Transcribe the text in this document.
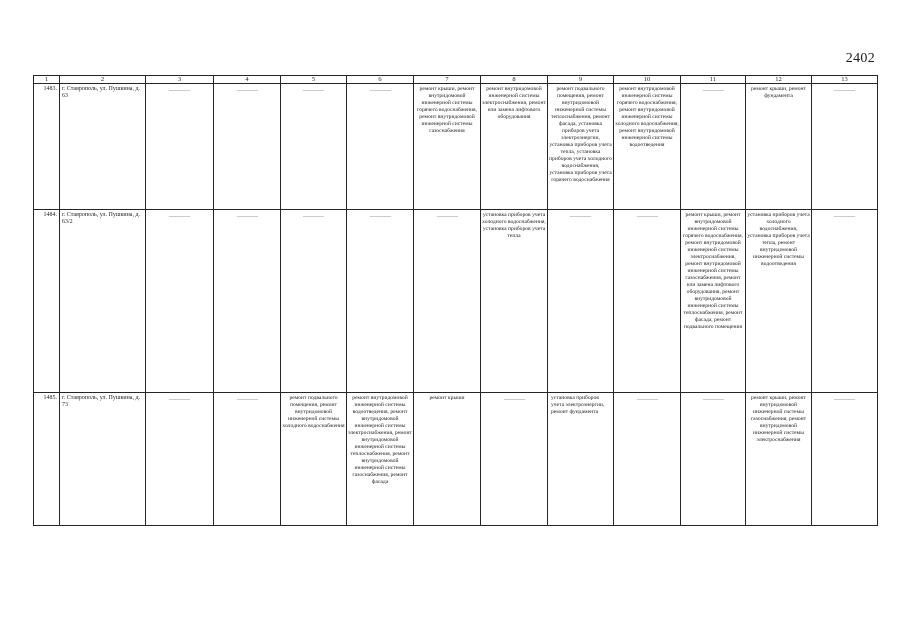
2402
1	2	3	4	5	6	7	8	9	10	11	12	13
1483.	г. Ставрополь, ул. Пушкина, д. 63	—	—	—	—	ремонт крыши, ремонт внутридомовой инженерной системы горячего водоснабжения, ремонт внутридомовой инженерной системы газоснабжения	ремонт внутридомовой инженерной системы электроснабжения, ремонт или замена лифтового оборудования	ремонт подвального помещения, ремонт внутридомовой инженерной системы теплоснабжения, ремонт фасада, установка приборов учета электроэнергии, установка приборов учета тепла, установка приборов учета холодного водоснабжения, установка приборов учета горячего водоснабжения	ремонт внутридомовой инженерной системы горячего водоснабжения, ремонт внутридомовой инженерной системы холодного водоснабжения, ремонт внутридомовой инженерной системы водоотведения	—	ремонт крыши, ремонт фундамента	—
1484.	г. Ставрополь, ул. Пушкина, д. 63/2	—	—	—	—	—	установка приборов учета холодного водоснабжения, установка приборов учета тепла	—	—	ремонт крыши, ремонт внутридомовой инженерной системы горячего водоснабжения, ремонт внутридомовой инженерной системы электроснабжения, ремонт внутридомовой инженерной системы газоснабжения, ремонт или замена лифтового оборудования, ремонт внутридомовой инженерной системы теплоснабжения, ремонт фасада, ремонт подвального помещения	установка приборов учета холодного водоснабжения, установка приборов учета тепла, ремонт внутридомовой инженерной системы водоотведения	—
1485.	г. Ставрополь, ул. Пушкина, д. 73	—	—	ремонт подвального помещения, ремонт внутридомовой инженерной системы холодного водоснабжения	ремонт внутридомовой инженерной системы водоотведения, ремонт внутридомовой инженерной системы электроснабжения, ремонт внутридомовой инженерной системы теплоснабжения, ремонт внутридомовой инженерной системы газоснабжения, ремонт фасада	ремонт крыши	—	установка приборов учета электроэнергии, ремонт фундамента	—	—	ремонт крыши, ремонт внутридомовой инженерной системы газоснабжения, ремонт внутридомовой инженерной системы электроснабжения	—
